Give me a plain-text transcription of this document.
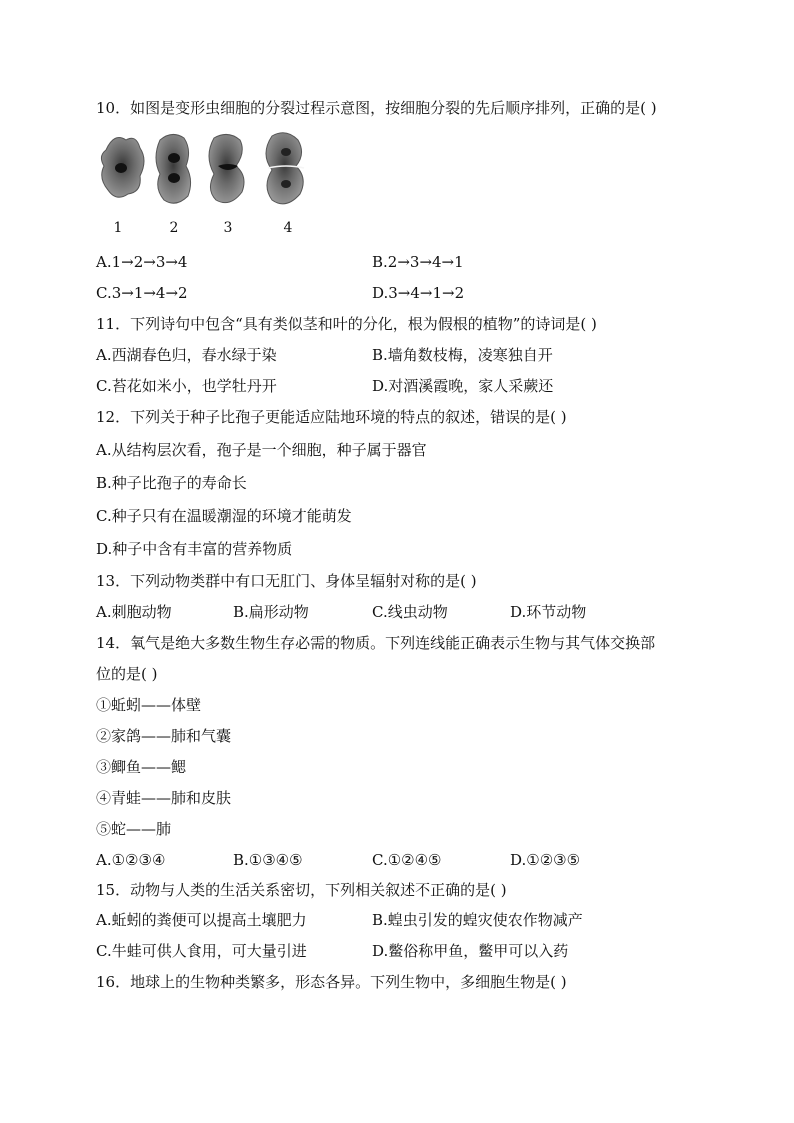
10．如图是变形虫细胞的分裂过程示意图，按细胞分裂的先后顺序排列，正确的是( )
1	2	3	4
A.1→2→3→4	B.2→3→4→1
C.3→1→4→2	D.3→4→1→2
11．下列诗句中包含“具有类似茎和叶的分化，根为假根的植物”的诗词是( )
A.西湖春色归，春水绿于染	B.墙角数枝梅，凌寒独自开
C.苔花如米小，也学牡丹开	D.对酒溪霞晚，家人采蕨还
12．下列关于种子比孢子更能适应陆地环境的特点的叙述，错误的是( )
A.从结构层次看，孢子是一个细胞，种子属于器官
B.种子比孢子的寿命长
C.种子只有在温暖潮湿的环境才能萌发
D.种子中含有丰富的营养物质
13．下列动物类群中有口无肛门、身体呈辐射对称的是( )
A.刺胞动物	B.扁形动物	C.线虫动物	D.环节动物
14．氧气是绝大多数生物生存必需的物质。下列连线能正确表示生物与其气体交换部
位的是( )
①蚯蚓——体壁
②家鸽——肺和气囊
③鲫鱼——鳃
④青蛙——肺和皮肤
⑤蛇——肺
A.①②③④	B.①③④⑤	C.①②④⑤	D.①②③⑤
15．动物与人类的生活关系密切，下列相关叙述不正确的是( )
A.蚯蚓的粪便可以提高土壤肥力	B.蝗虫引发的蝗灾使农作物减产
C.牛蛙可供人食用，可大量引进	D.鳖俗称甲鱼，鳖甲可以入药
16．地球上的生物种类繁多，形态各异。下列生物中，多细胞生物是( )
